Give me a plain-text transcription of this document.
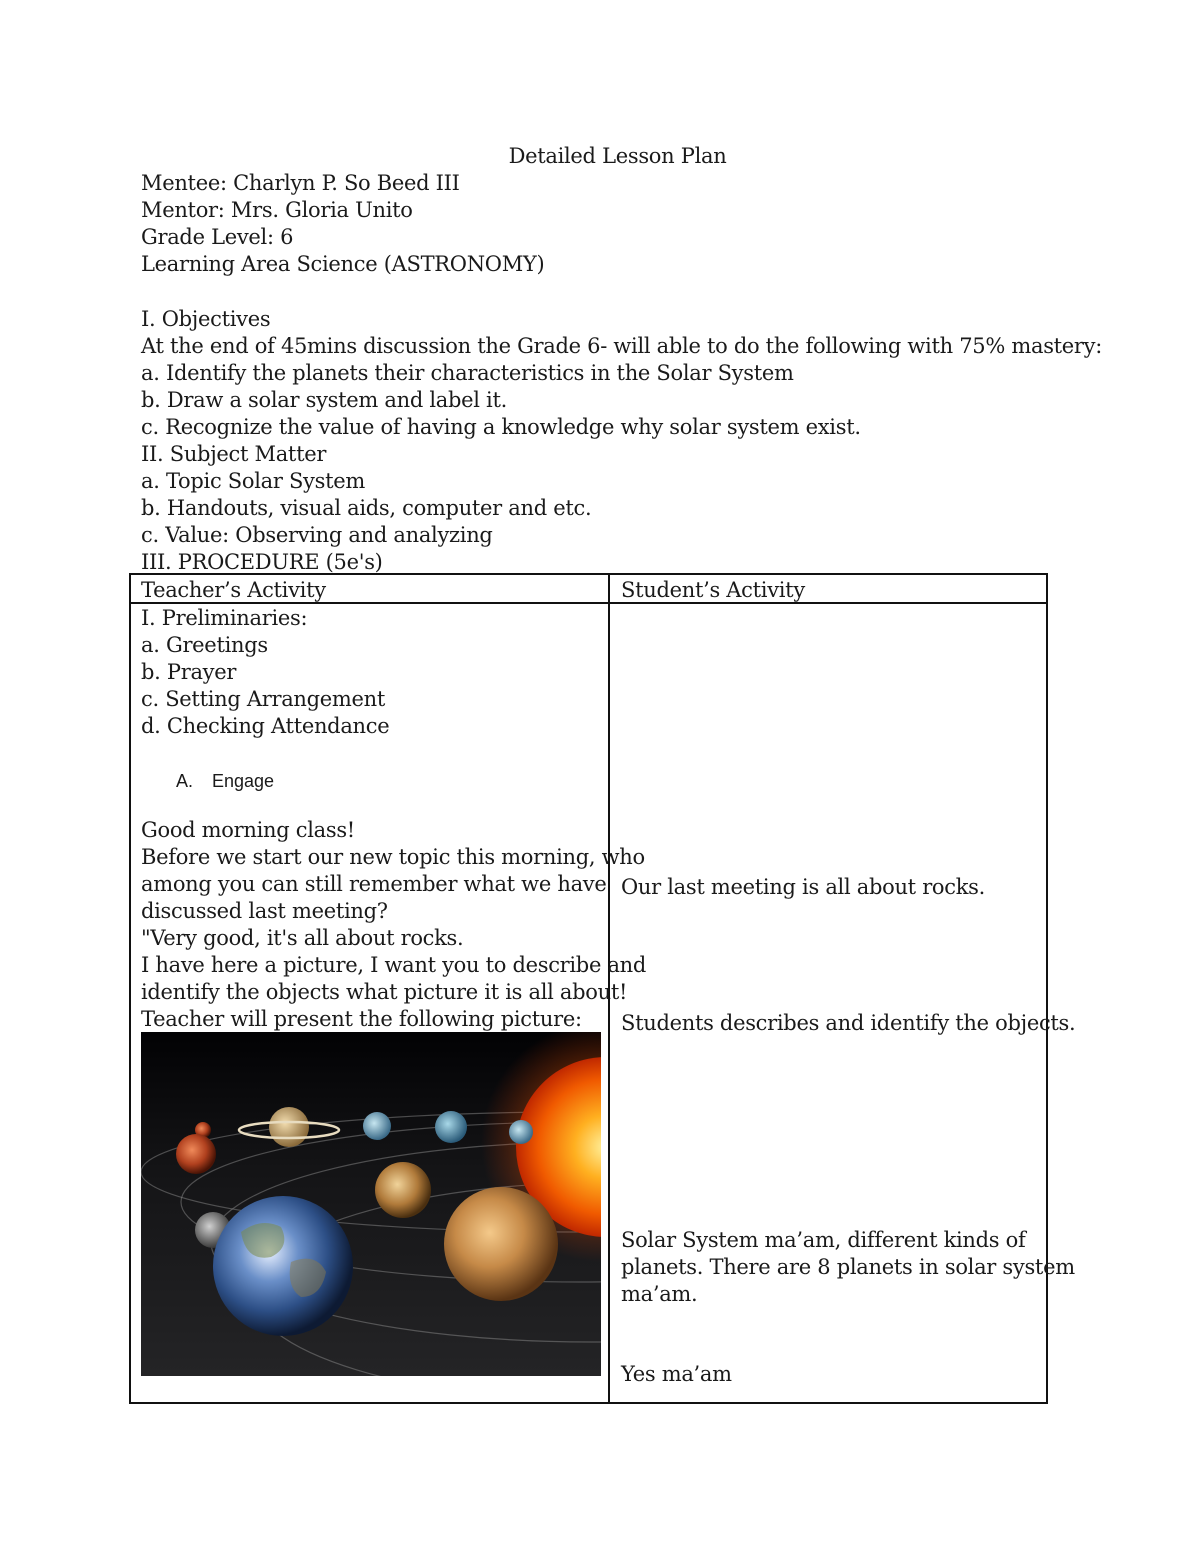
Detailed Lesson Plan
Mentee: Charlyn P. So Beed III
Mentor: Mrs. Gloria Unito
Grade Level: 6
Learning Area Science (ASTRONOMY)
I. Objectives
At the end of 45mins discussion the Grade 6- will able to do the following with 75% mastery:
a. Identify the planets their characteristics in the Solar System
b. Draw a solar system and label it.
c. Recognize the value of having a knowledge why solar system exist.
II. Subject Matter
a. Topic Solar System
b. Handouts, visual aids, computer and etc.
c. Value: Observing and analyzing
III. PROCEDURE (5e's)
Teacher’s Activity	Student’s Activity
I. Preliminaries:
a. Greetings
b. Prayer
c. Setting Arrangement
d. Checking Attendance
A. Engage
Good morning class!
Before we start our new topic this morning, who
among you can still remember what we have
discussed last meeting?
"Very good, it's all about rocks.
I have here a picture, I want you to describe and
identify the objects what picture it is all about!
Teacher will present the following picture:
Our last meeting is all about rocks.
Students describes and identify the objects.
Solar System ma’am, different kinds of
planets. There are 8 planets in solar system
ma’am.
Yes ma’am
